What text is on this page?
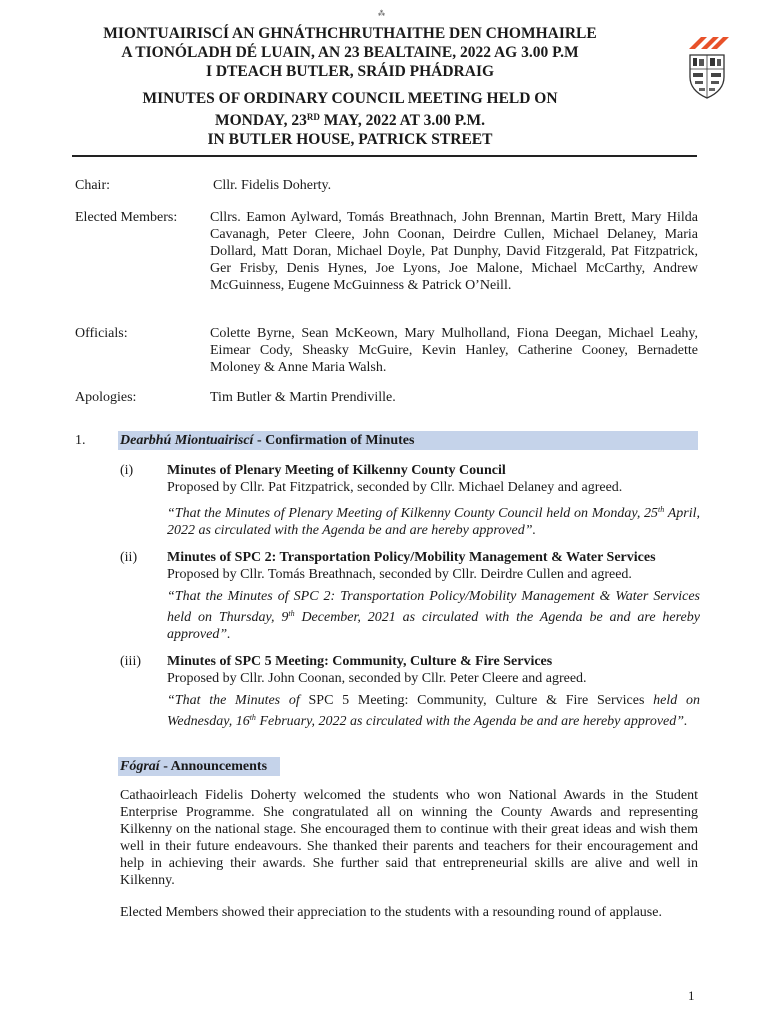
⁂
MIONTUAIRISCÍ AN GHNÁTHCHRUTHAITHE DEN CHOMHAIRLE
A TIONÓLADH DÉ LUAIN, AN 23 BEALTAINE, 2022 AG 3.00 P.M
I DTEACH BUTLER, SRÁID PHÁDRAIG
MINUTES OF ORDINARY COUNCIL MEETING HELD ON
MONDAY, 23RD MAY, 2022 AT 3.00 P.M.
IN BUTLER HOUSE, PATRICK STREET
Chair:	Cllr. Fidelis Doherty.
Elected Members:	Cllrs. Eamon Aylward, Tomás Breathnach, John Brennan, Martin Brett, Mary Hilda Cavanagh, Peter Cleere, John Coonan, Deirdre Cullen, Michael Delaney, Maria Dollard, Matt Doran, Michael Doyle, Pat Dunphy, David Fitzgerald, Pat Fitzpatrick, Ger Frisby, Denis Hynes, Joe Lyons, Joe Malone, Michael McCarthy, Andrew McGuinness, Eugene McGuinness & Patrick O’Neill.
Officials:	Colette Byrne, Sean McKeown, Mary Mulholland, Fiona Deegan, Michael Leahy, Eimear Cody, Sheasky McGuire, Kevin Hanley, Catherine Cooney, Bernadette Moloney & Anne Maria Walsh.
Apologies:	Tim Butler & Martin Prendiville.
1. Dearbhú Miontuairiscí - Confirmation of Minutes
(i) Minutes of Plenary Meeting of Kilkenny County Council
Proposed by Cllr. Pat Fitzpatrick, seconded by Cllr. Michael Delaney and agreed.
“That the Minutes of Plenary Meeting of Kilkenny County Council held on Monday, 25th April, 2022 as circulated with the Agenda be and are hereby approved”.
(ii) Minutes of SPC 2: Transportation Policy/Mobility Management & Water Services
Proposed by Cllr. Tomás Breathnach, seconded by Cllr. Deirdre Cullen and agreed.
“That the Minutes of SPC 2: Transportation Policy/Mobility Management & Water Services held on Thursday, 9th December, 2021 as circulated with the Agenda be and are hereby approved”.
(iii) Minutes of SPC 5 Meeting: Community, Culture & Fire Services
Proposed by Cllr. John Coonan, seconded by Cllr. Peter Cleere and agreed.
“That the Minutes of SPC 5 Meeting: Community, Culture & Fire Services held on Wednesday, 16th February, 2022 as circulated with the Agenda be and are hereby approved”.
Fógraí - Announcements
Cathaoirleach Fidelis Doherty welcomed the students who won National Awards in the Student Enterprise Programme. She congratulated all on winning the County Awards and representing Kilkenny on the national stage. She encouraged them to continue with their great ideas and wish them well in their future endeavours. She thanked their parents and teachers for their encouragement and help in achieving their awards. She further said that entrepreneurial skills are alive and well in Kilkenny.
Elected Members showed their appreciation to the students with a resounding round of applause.
1
